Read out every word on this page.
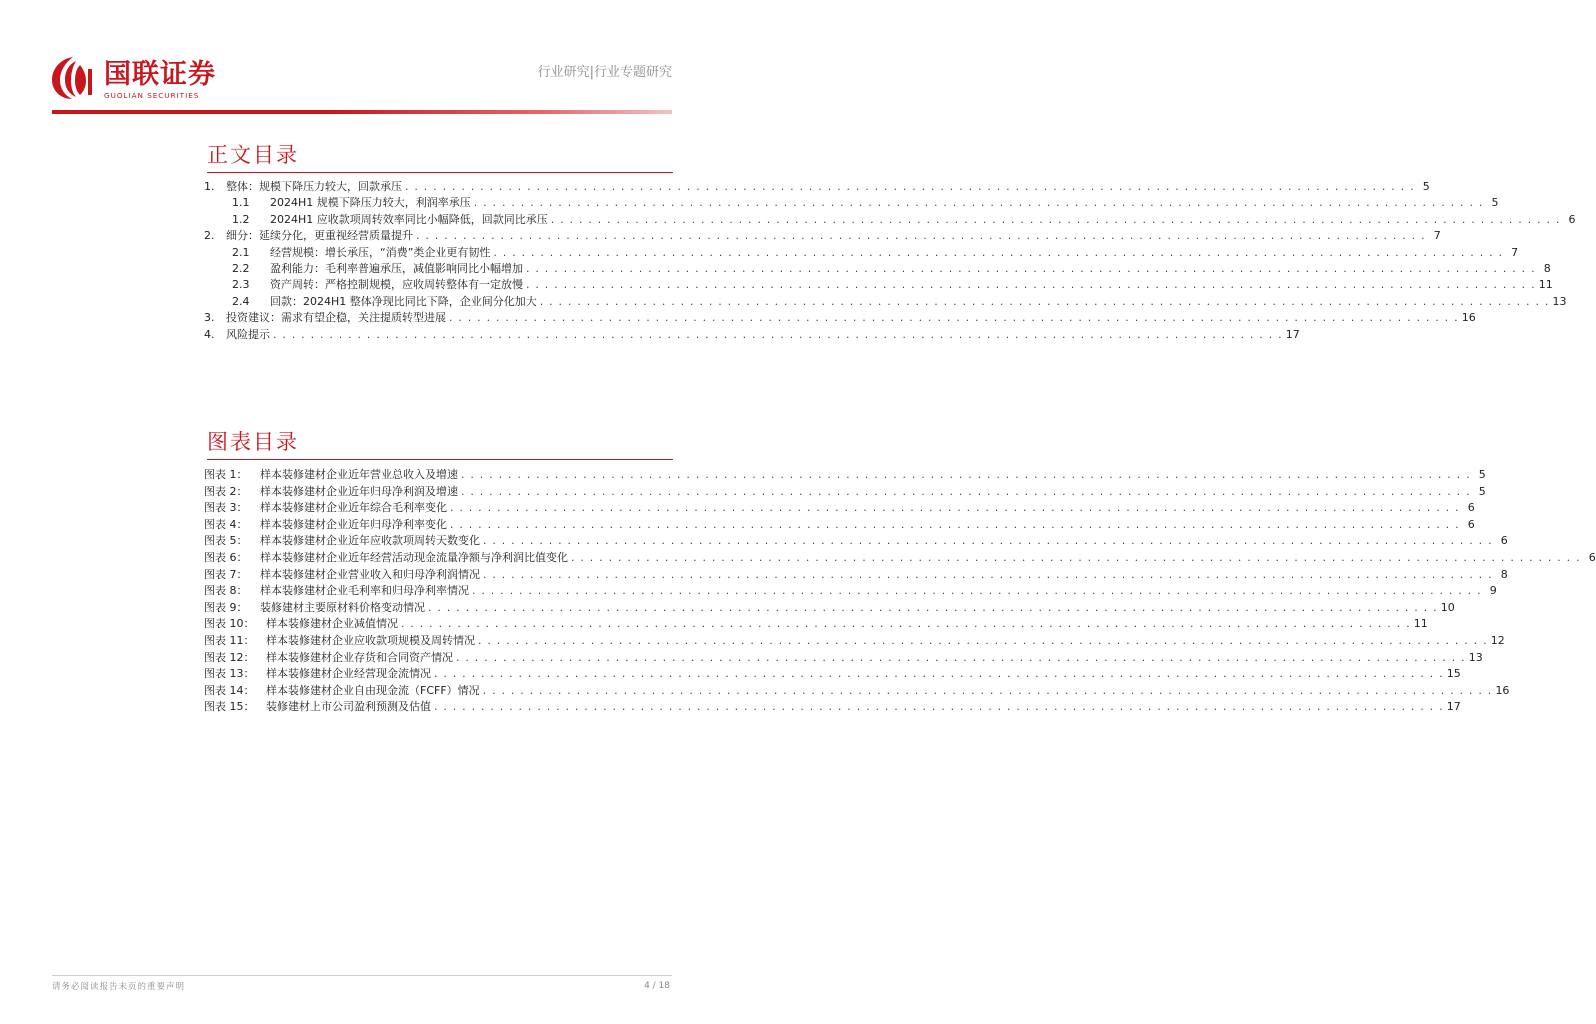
国联证券
GUOLIAN SECURITIES
行业研究|行业专题研究
正文目录
1.	整体：规模下降压力较大，回款承压 . . .	5
1.1	2024H1 规模下降压力较大，利润率承压 . . .	5
1.2	2024H1 应收款项周转效率同比小幅降低，回款同比承压 . . .	6
2.	细分：延续分化，更重视经营质量提升 . . .	7
2.1	经营规模：增长承压，“消费”类企业更有韧性 . . .	7
2.2	盈利能力：毛利率普遍承压，减值影响同比小幅增加 . . .	8
2.3	资产周转：严格控制规模，应收周转整体有一定放慢 . . .	11
2.4	回款：2024H1 整体净现比同比下降，企业间分化加大 . . .	13
3.	投资建议：需求有望企稳，关注提质转型进展 . . .	16
4.	风险提示 . . .	17
图表目录
图表 1：	样本装修建材企业近年营业总收入及增速 . . .	5
图表 2：	样本装修建材企业近年归母净利润及增速 . . .	5
图表 3：	样本装修建材企业近年综合毛利率变化 . . .	6
图表 4：	样本装修建材企业近年归母净利率变化 . . .	6
图表 5：	样本装修建材企业近年应收款项周转天数变化 . . .	6
图表 6：	样本装修建材企业近年经营活动现金流量净额与净利润比值变化 . . .	6
图表 7：	样本装修建材企业营业收入和归母净利润情况 . . .	8
图表 8：	样本装修建材企业毛利率和归母净利率情况 . . .	9
图表 9：	装修建材主要原材料价格变动情况 . . .	10
图表 10：	样本装修建材企业减值情况 . . .	11
图表 11：	样本装修建材企业应收款项规模及周转情况 . . .	12
图表 12：	样本装修建材企业存货和合同资产情况 . . .	13
图表 13：	样本装修建材企业经营现金流情况 . . .	15
图表 14：	样本装修建材企业自由现金流（FCFF）情况 . . .	16
图表 15：	装修建材上市公司盈利预测及估值 . . .	17
请务必阅读报告末页的重要声明	4 / 18
